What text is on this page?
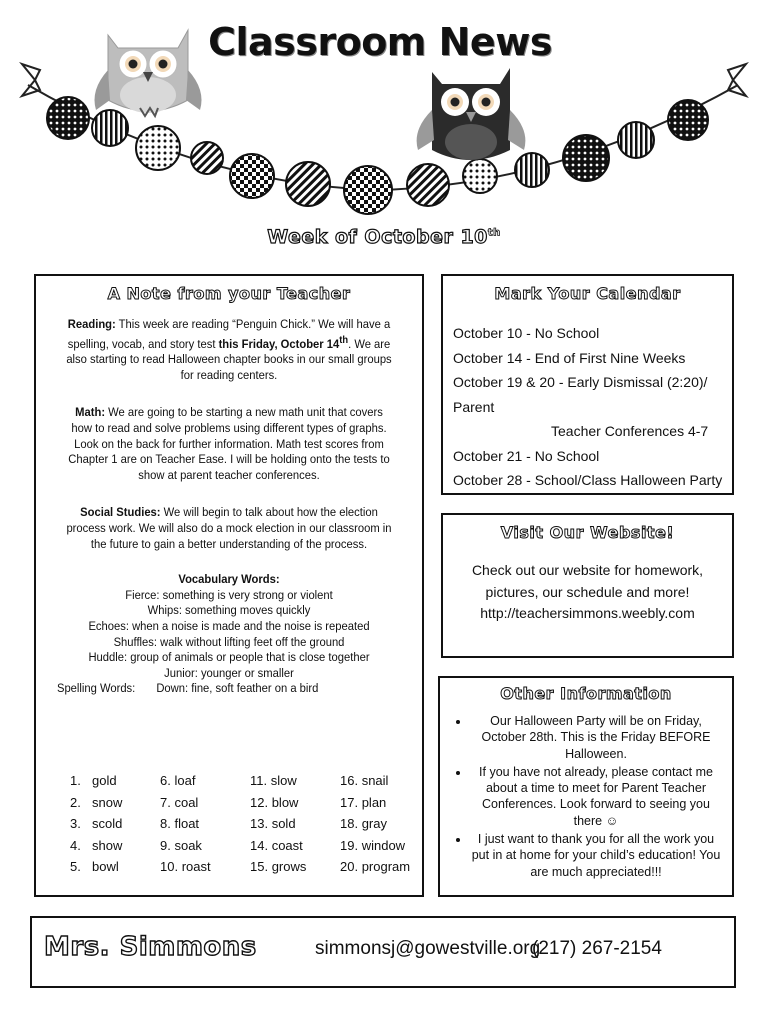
Classroom News
Week of October 10th
A Note from your Teacher
Reading: This week are reading “Penguin Chick.” We will have a spelling, vocab, and story test this Friday, October 14th. We are also starting to read Halloween chapter books in our small groups for reading centers.
Math: We are going to be starting a new math unit that covers how to read and solve problems using different types of graphs. Look on the back for further information. Math test scores from Chapter 1 are on Teacher Ease. I will be holding onto the tests to show at parent teacher conferences.
Social Studies: We will begin to talk about how the election process work. We will also do a mock election in our classroom in the future to gain a better understanding of the process.
Vocabulary Words:
Fierce: something is very strong or violent
Whips: something moves quickly
Echoes: when a noise is made and the noise is repeated
Shuffles: walk without lifting feet off the ground
Huddle: group of animals or people that is close together
Junior: younger or smaller
Spelling Words: Down: fine, soft feather on a bird
1. gold
2. snow
3. scold
4. show
5. bowl
6. loaf
7. coal
8. float
9. soak
10. roast
11. slow
12. blow
13. sold
14. coast
15. grows
16. snail
17. plan
18. gray
19. window
20. program
Mark Your Calendar
October 10 - No School
October 14 - End of First Nine Weeks
October 19 & 20 - Early Dismissal (2:20)/ Parent
Teacher Conferences 4-7
October 21 - No School
October 28 - School/Class Halloween Party
Visit Our Website!
Check out our website for homework, pictures, our schedule and more!
http://teachersimmons.weebly.com
Other Information
• Our Halloween Party will be on Friday, October 28th. This is the Friday BEFORE Halloween.
• If you have not already, please contact me about a time to meet for Parent Teacher Conferences. Look forward to seeing you there ☺
• I just want to thank you for all the work you put in at home for your child’s education! You are much appreciated!!!
Mrs. Simmons	simmonsj@gowestville.org
(217) 267-2154
